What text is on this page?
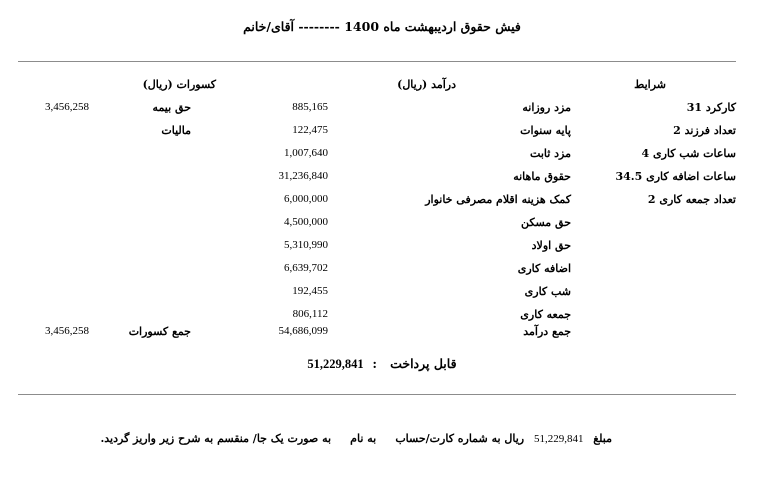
فیش حقوق اردیبهشت ماه 1400 -------- آقای/خانم
شرایط
درآمد (ریال)
کسورات (ریال)
کارکرد 31
تعداد فرزند 2
ساعات شب کاری 4
ساعات اضافه کاری 34.5
تعداد جمعه کاری 2
مزد روزانه
885,165
پایه سنوات
122,475
مزد ثابت
1,007,640
حقوق ماهانه
31,236,840
کمک هزینه اقلام مصرفی خانوار
6,000,000
حق مسکن
4,500,000
حق اولاد
5,310,990
اضافه کاری
6,639,702
شب کاری
192,455
جمعه کاری
806,112
جمع درآمد
54,686,099
حق بیمه
3,456,258
مالیات
جمع کسورات
3,456,258
قابل پرداخت   :  51,229,841
مبلغ 51,229,841 ریال به شماره کارت/حساب     به نام     به صورت یک جا/ منقسم به شرح زیر واریز گردید.
